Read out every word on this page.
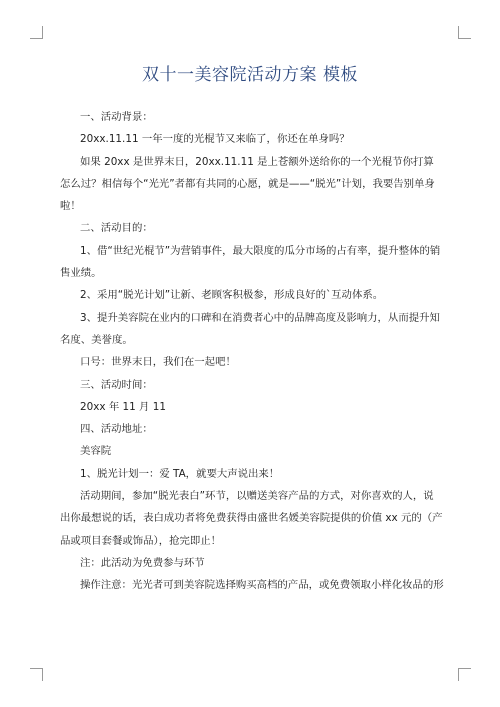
双十一美容院活动方案 模板

一、活动背景：

20xx.11.11 一年一度的光棍节又来临了，你还在单身吗？

如果 20xx 是世界末日，20xx.11.11 是上苍额外送给你的一个光棍节你打算怎么过？相信每个“光光”者都有共同的心愿，就是——“脱光”计划，我要告别单身啦！

二、活动目的：

1、借“世纪光棍节”为营销事件，最大限度的瓜分市场的占有率，提升整体的销售业绩。

2、采用“脱光计划”让新、老顾客积极参，形成良好的`互动体系。

3、提升美容院在业内的口碑和在消费者心中的品牌高度及影响力，从而提升知名度、美誉度。

口号：世界末日，我们在一起吧！

三、活动时间：

20xx 年 11 月 11

四、活动地址：

美容院

1、脱光计划一：爱 TA，就要大声说出来！

活动期间，参加“脱光表白”环节，以赠送美容产品的方式，对你喜欢的人，说出你最想说的话，表白成功者将免费获得由盛世名媛美容院提供的价值 xx 元的（产品或项目套餐或饰品），抢完即止！

注：此活动为免费参与环节

操作注意：光光者可到美容院选择购买高档的产品，或免费领取小样化妆品的形
